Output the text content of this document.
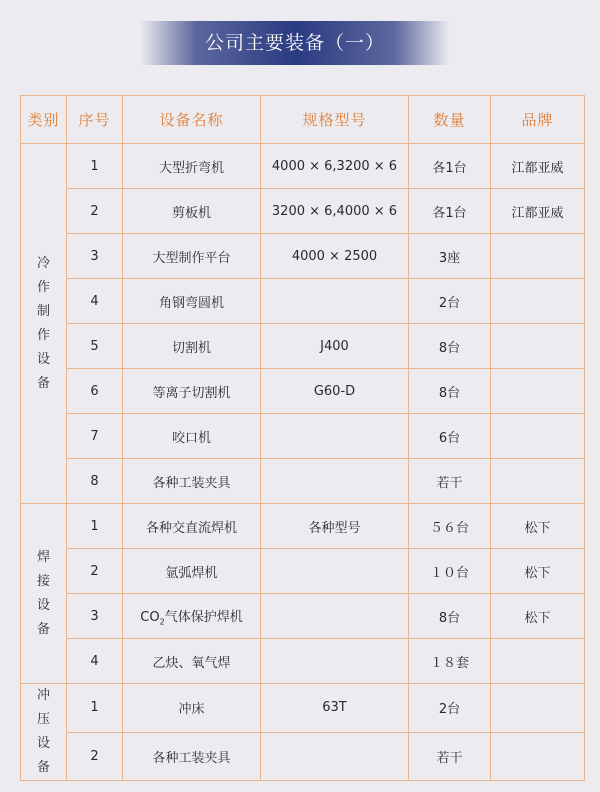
公司主要装备（一）
类别	序号	设备名称	规格型号	数量	品牌
冷作制作设备	1	大型折弯机	4000 × 6,3200 × 6	各1台	江都亚威
	2	剪板机	3200 × 6,4000 × 6	各1台	江都亚威
	3	大型制作平台	4000 × 2500	3座	
	4	角钢弯圆机		2台	
	5	切割机	J400	8台	
	6	等离子切割机	G60-D	8台	
	7	咬口机		6台	
	8	各种工装夹具		若干	
焊接设备	1	各种交直流焊机	各种型号	５６台	松下
	2	氩弧焊机		１０台	松下
	3	$CO_2$气体保护焊机		8台	松下
	4	乙炔、氧气焊		１８套	
冲压设备	1	冲床	63T	2台	
	2	各种工装夹具		若干	
